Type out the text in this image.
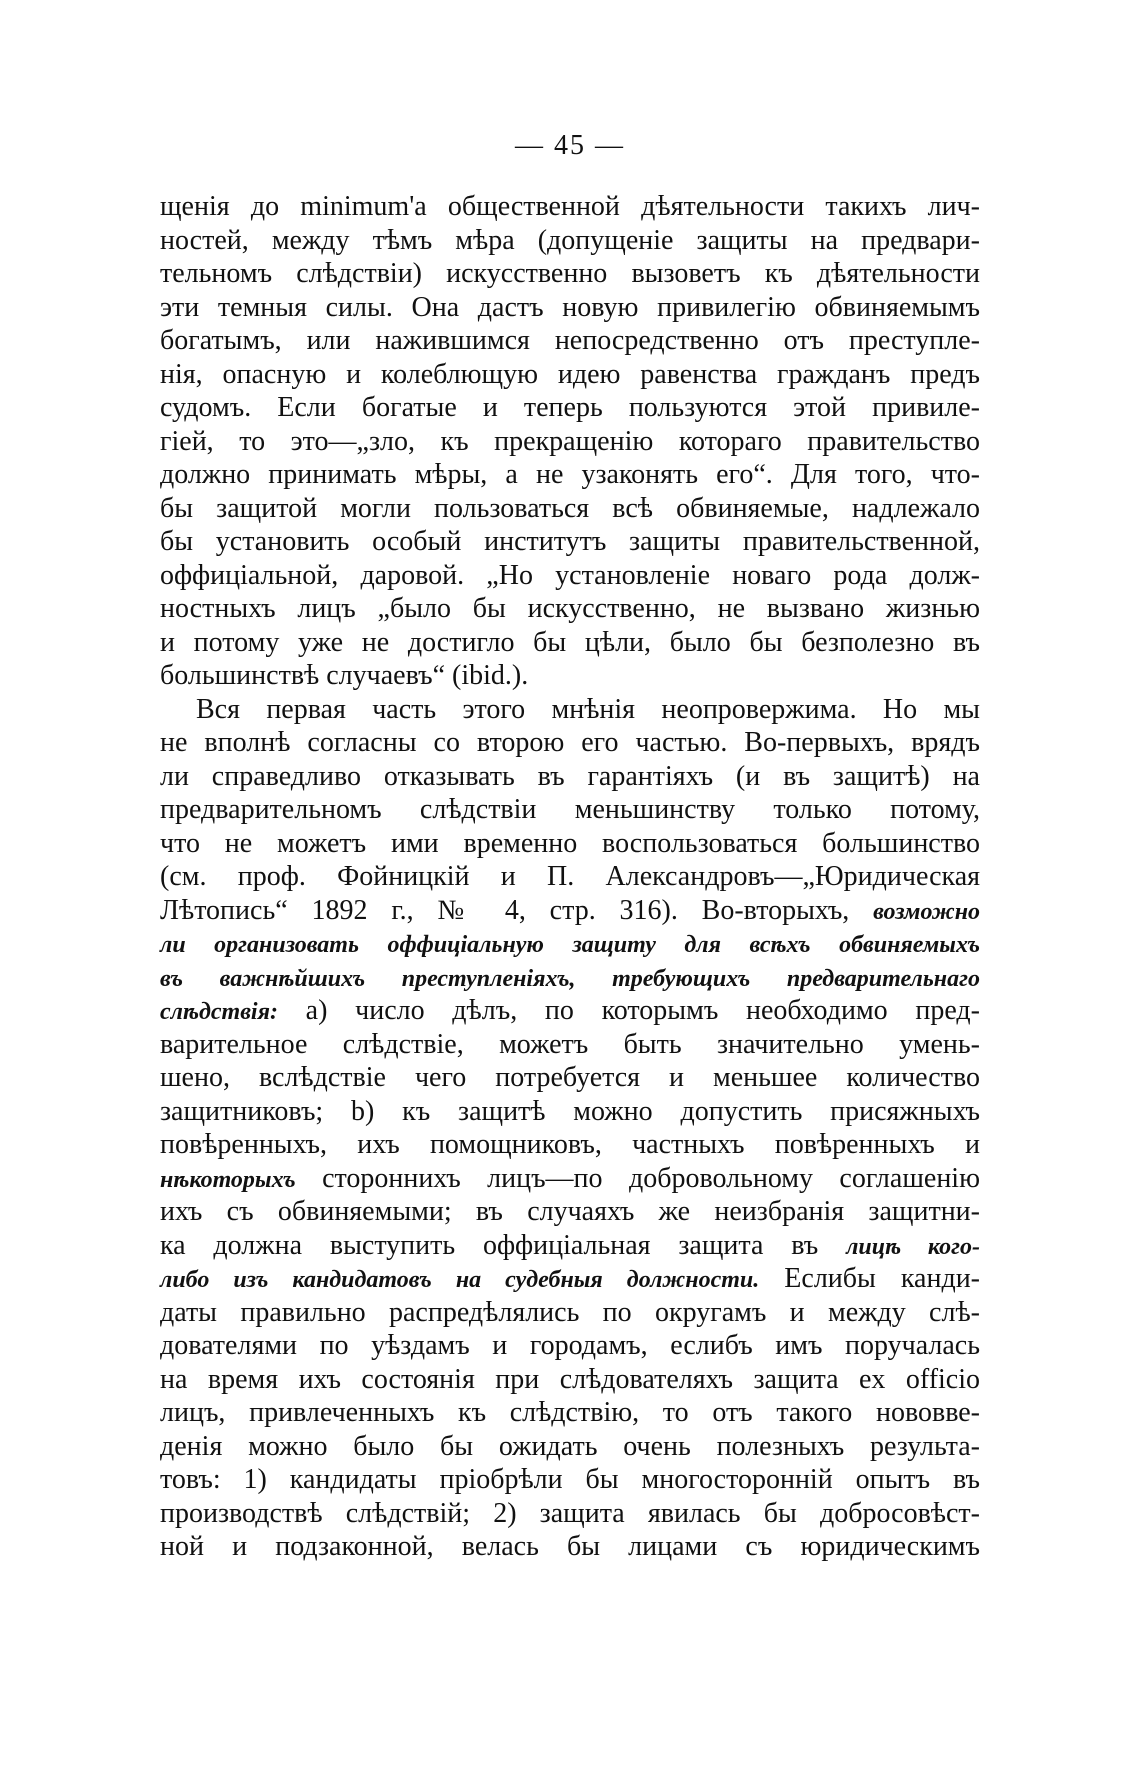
— 45 —
щенія до minimum'a общественной дѣятельности такихъ лич-
ностей, между тѣмъ мѣра (допущеніе защиты на предвари-
тельномъ слѣдствіи) искусственно вызоветъ къ дѣятельности
эти темныя силы. Она дастъ новую привилегію обвиняемымъ
богатымъ, или нажившимся непосредственно отъ преступле-
нія, опасную и колеблющую идею равенства гражданъ предъ
судомъ. Если богатые и теперь пользуются этой привиле-
гіей, то это—„зло, къ прекращенію котораго правительство
должно принимать мѣры, а не узаконять его“. Для того, что-
бы защитой могли пользоваться всѣ обвиняемые, надлежало
бы установить особый институтъ защиты правительственной,
оффиціальной, даровой. „Но установленіе новаго рода долж-
ностныхъ лицъ „было бы искусственно, не вызвано жизнью
и потому уже не достигло бы цѣли, было бы безполезно въ
большинствѣ случаевъ“ (ibid.).
Вся первая часть этого мнѣнія неопровержима. Но мы
не вполнѣ согласны со второю его частью. Во-первыхъ, врядъ
ли справедливо отказывать въ гарантіяхъ (и въ защитѣ) на
предварительномъ слѣдствіи меньшинству только потому,
что не можетъ ими временно воспользоваться большинство
(см. проф. Фойницкій и П. Александровъ—„Юридическая
Лѣтопись“ 1892 г., № 4, стр. 316). Во-вторыхъ, возможно
ли организовать оффиціальную защиту для всѣхъ обвиняемыхъ
въ важнѣйшихъ преступленіяхъ, требующихъ предварительнаго
слѣдствія: а) число дѣлъ, по которымъ необходимо пред-
варительное слѣдствіе, можетъ быть значительно умень-
шено, вслѣдствіе чего потребуется и меньшее количество
защитниковъ; b) къ защитѣ можно допустить присяжныхъ
повѣренныхъ, ихъ помощниковъ, частныхъ повѣренныхъ и
нѣкоторыхъ стороннихъ лицъ—по добровольному соглашенію
ихъ съ обвиняемыми; въ случаяхъ же неизбранія защитни-
ка должна выступить оффиціальная защита въ лицѣ кого-
либо изъ кандидатовъ на судебныя должности. Еслибы канди-
даты правильно распредѣлялись по округамъ и между слѣ-
дователями по уѣздамъ и городамъ, еслибъ имъ поручалась
на время ихъ состоянія при слѣдователяхъ защита ex officio
лицъ, привлеченныхъ къ слѣдствію, то отъ такого нововве-
денія можно было бы ожидать очень полезныхъ результа-
товъ: 1) кандидаты пріобрѣли бы многосторонній опытъ въ
производствѣ слѣдствій; 2) защита явилась бы добросовѣст-
ной и подзаконной, велась бы лицами съ юридическимъ
